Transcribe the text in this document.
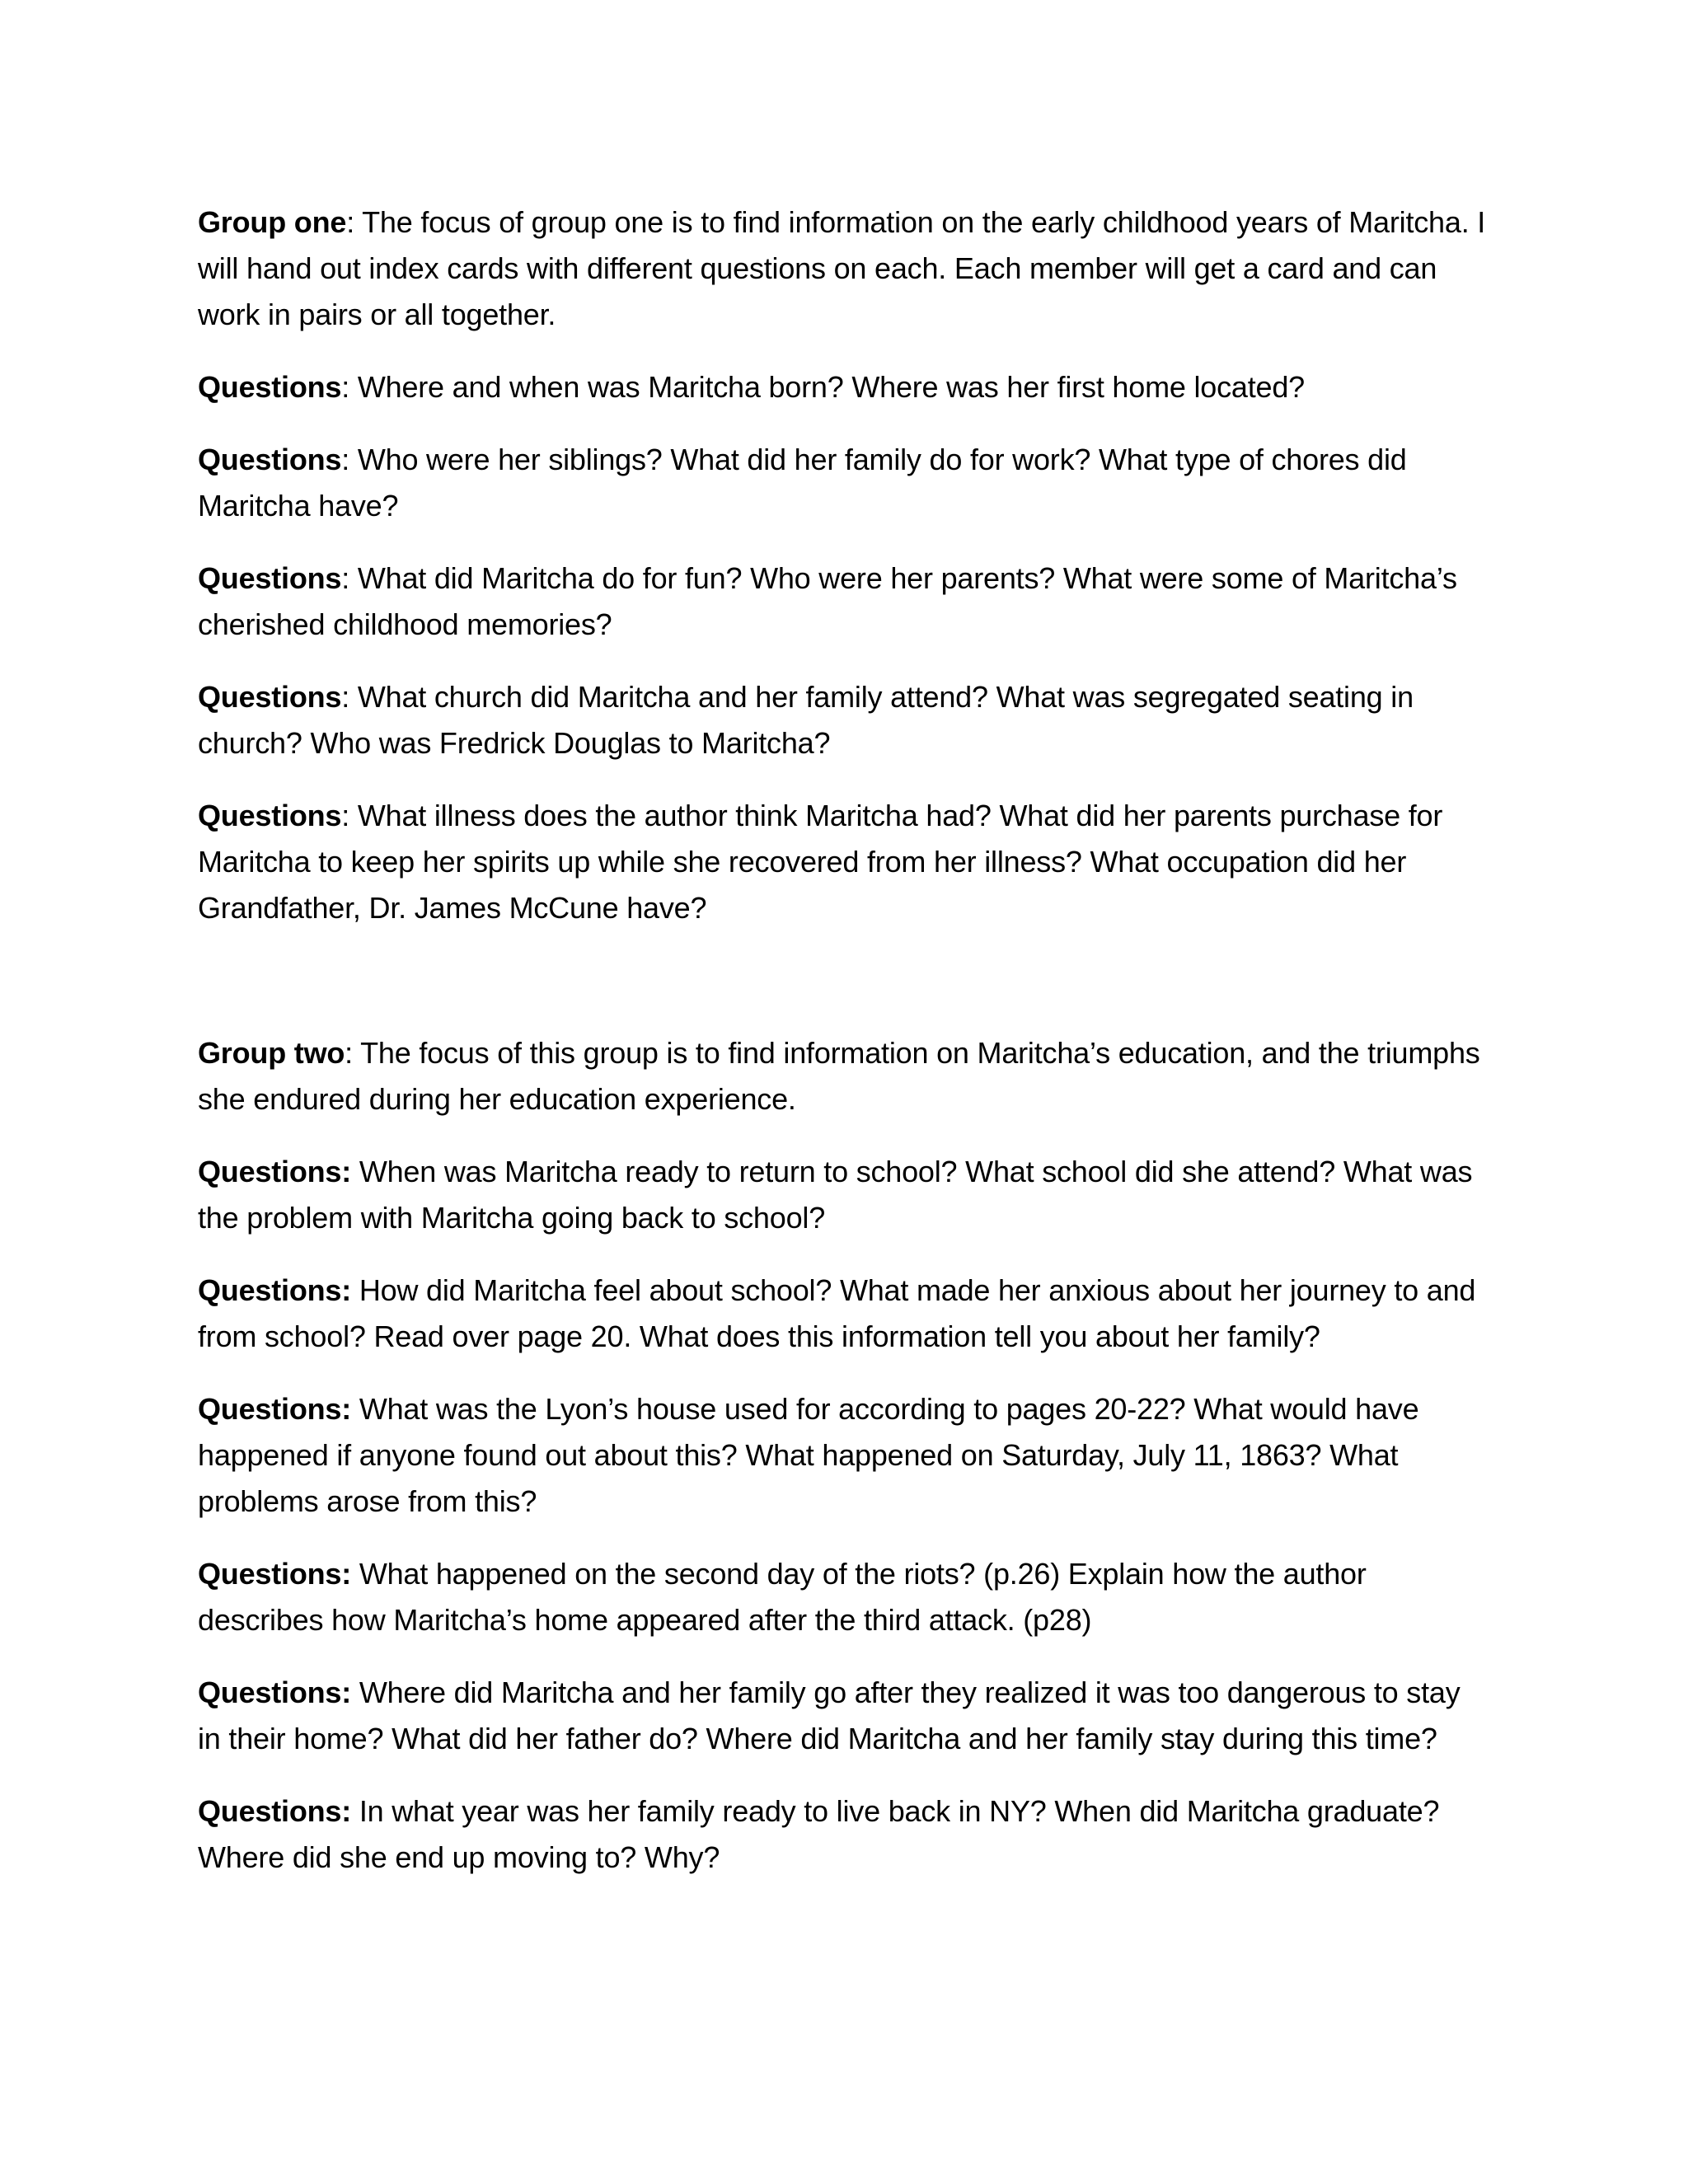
Group one: The focus of group one is to find information on the early childhood years of Maritcha. I will hand out index cards with different questions on each. Each member will get a card and can work in pairs or all together.

Questions: Where and when was Maritcha born? Where was her first home located?

Questions: Who were her siblings? What did her family do for work? What type of chores did Maritcha have?

Questions: What did Maritcha do for fun? Who were her parents? What were some of Maritcha’s cherished childhood memories?

Questions: What church did Maritcha and her family attend? What was segregated seating in church? Who was Fredrick Douglas to Maritcha?

Questions: What illness does the author think Maritcha had? What did her parents purchase for Maritcha to keep her spirits up while she recovered from her illness? What occupation did her Grandfather, Dr. James McCune have?

Group two: The focus of this group is to find information on Maritcha’s education, and the triumphs she endured during her education experience.

Questions: When was Maritcha ready to return to school? What school did she attend? What was the problem with Maritcha going back to school?

Questions: How did Maritcha feel about school? What made her anxious about her journey to and from school? Read over page 20. What does this information tell you about her family?

Questions: What was the Lyon’s house used for according to pages 20-22? What would have happened if anyone found out about this? What happened on Saturday, July 11, 1863? What problems arose from this?

Questions: What happened on the second day of the riots? (p.26) Explain how the author describes how Maritcha’s home appeared after the third attack. (p28)

Questions: Where did Maritcha and her family go after they realized it was too dangerous to stay in their home? What did her father do? Where did Maritcha and her family stay during this time?

Questions: In what year was her family ready to live back in NY? When did Maritcha graduate? Where did she end up moving to? Why?
